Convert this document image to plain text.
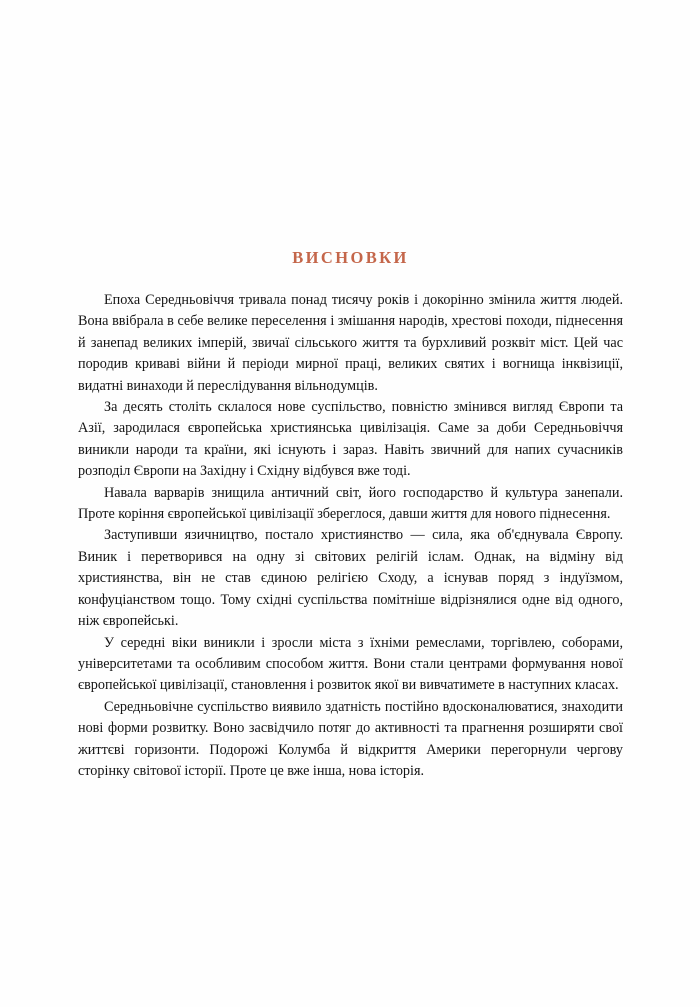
ВИСНОВКИ

Епоха Середньовіччя тривала понад тисячу років і докорінно змінила життя людей. Вона ввібрала в себе велике переселення і змішання народів, хрестові походи, піднесення й занепад великих імперій, звичаї сільського життя та бурхливий розквіт міст. Цей час породив криваві війни й періоди мирної праці, великих святих і вогнища інквізиції, видатні винаходи й переслідування вільнодумців.

За десять століть склалося нове суспільство, повністю змінився вигляд Європи та Азії, зародилася європейська християнська цивілізація. Саме за доби Середньовіччя виникли народи та країни, які існують і зараз. Навіть звичний для напих сучасників розподіл Європи на Західну і Східну відбувся вже тоді.

Навала варварів знищила античний світ, його господарство й культура занепали. Проте коріння європейської цивілізації збереглося, давши життя для нового піднесення.

Заступивши язичництво, постало християнство — сила, яка об'єднувала Європу. Виник і перетворився на одну зі світових релігій іслам. Однак, на відміну від християнства, він не став єдиною релігією Сходу, а існував поряд з індуїзмом, конфуціанством тощо. Тому східні суспільства помітніше відрізнялися одне від одного, ніж європейські.

У середні віки виникли і зросли міста з їхніми ремеслами, торгівлею, соборами, університетами та особливим способом життя. Вони стали центрами формування нової європейської цивілізації, становлення і розвиток якої ви вивчатимете в наступних класах.

Середньовічне суспільство виявило здатність постійно вдосконалюватися, знаходити нові форми розвитку. Воно засвідчило потяг до активності та прагнення розширяти свої життєві горизонти. Подорожі Колумба й відкриття Америки перегорнули чергову сторінку світової історії. Проте це вже інша, нова історія.
